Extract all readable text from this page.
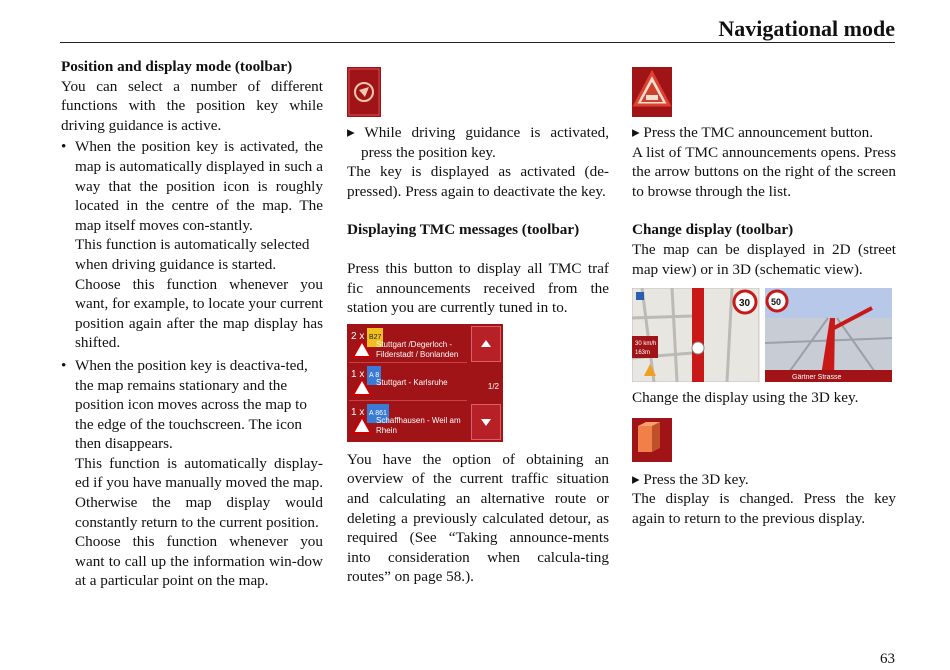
Navigational mode

Position and display mode (toolbar)

You can select a number of different functions with the position key while driving guidance is active.

• When the position key is activated, the map is automatically displayed in such a way that the position icon is roughly located in the centre of the map. The map itself moves con-stantly.

This function is automatically selected when driving guidance is started.

Choose this function whenever you want, for example, to locate your current position again after the map display has shifted.

• When the position key is deactiva-ted, the map remains stationary and the position icon moves across the map to the edge of the touchscreen. The icon then disappears.

This function is automatically display-ed if you have manually moved the map. Otherwise the map display would constantly return to the current position.

Choose this function whenever you want to call up the information win-dow at a particular point on the map.

▸ While driving guidance is activated, press the position key.

The key is displayed as activated (de-pressed). Press again to deactivate the key.

Displaying TMC messages (toolbar)

Press this button to display all TMC traf fic announcements received from the station you are currently tuned in to.

2 x B27
Stuttgart /Degerloch - Filderstadt / Bonlanden
1 x A 8
Stuttgart - Karlsruhe
1 x A 861
Schaffhausen - Weil am Rhein
1/2

You have the option of obtaining an overview of the current traffic situation and calculating an alternative route or deleting a previously calculated detour, as required (See “Taking announce-ments into consideration when calcula-ting routes” on page 58.).

▸ Press the TMC announcement button.

A list of TMC announcements opens. Press the arrow buttons on the right of the screen to browse through the list.

Change display (toolbar)

The map can be displayed in 2D (street map view) or in 3D (schematic view).

30 km/h
163m
30 50
Gärtner Strasse

Change the display using the 3D key.

▸ Press the 3D key.

The display is changed. Press the key again to return to the previous display.

63
